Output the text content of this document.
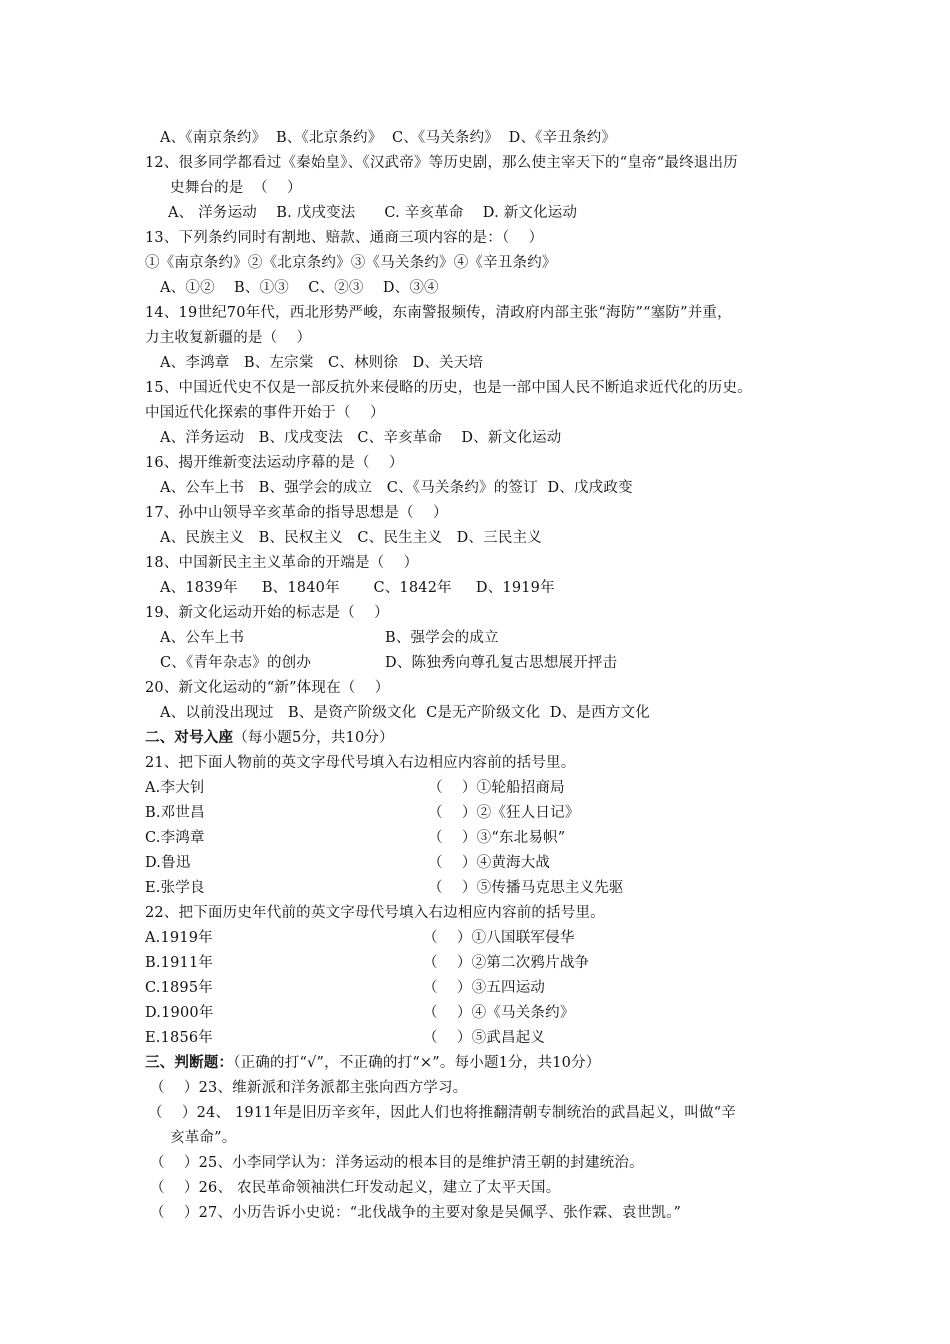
A、《南京条约》  B、《北京条约》  C、《马关条约》  D、《辛丑条约》
12、很多同学都看过《秦始皇》、《汉武帝》等历史剧，那么使主宰天下的“皇帝“最终退出历
史舞台的是  （    ）
A、 洋务运动    B. 戊戌变法      C. 辛亥革命    D. 新文化运动
13、下列条约同时有割地、赔款、通商三项内容的是：（    ）
①《南京条约》②《北京条约》③《马关条约》④《辛丑条约》
A、①②    B、①③    C、②③    D、③④
14、19世纪70年代，西北形势严峻，东南警报频传，清政府内部主张“海防”“塞防”并重，
力主收复新疆的是（    ）
A、李鸿章   B、左宗棠   C、林则徐   D、关天培
15、中国近代史不仅是一部反抗外来侵略的历史，也是一部中国人民不断追求近代化的历史。
中国近代化探索的事件开始于（    ）
A、洋务运动   B、戊戌变法   C、辛亥革命    D、新文化运动
16、揭开维新变法运动序幕的是（    ）
A、公车上书   B、强学会的成立   C、《马关条约》的签订  D、戊戌政变
17、孙中山领导辛亥革命的指导思想是（    ）
A、民族主义   B、民权主义   C、民生主义   D、三民主义
18、中国新民主主义革命的开端是（    ）
A、1839年     B、1840年       C、1842年     D、1919年
19、新文化运动开始的标志是（    ）
A、公车上书	B、强学会的成立
C、《青年杂志》的创办	D、陈独秀向尊孔复古思想展开抨击
20、新文化运动的“新”体现在（    ）
A、以前没出现过   B、是资产阶级文化  C是无产阶级文化  D、是西方文化
二、对号入座（每小题5分，共10分）
21、把下面人物前的英文字母代号填入右边相应内容前的括号里。
A.李大钊	（    ）①轮船招商局
B.邓世昌	（    ）②《狂人日记》
C.李鸿章	（    ）③“东北易帜”
D.鲁迅	（    ）④黄海大战
E.张学良	（    ）⑤传播马克思主义先驱
22、把下面历史年代前的英文字母代号填入右边相应内容前的括号里。
A.1919年	（    ）①八国联军侵华
B.1911年	（    ）②第二次鸦片战争
C.1895年	（    ）③五四运动
D.1900年	（    ）④《马关条约》
E.1856年	（    ）⑤武昌起义
三、判断题：（正确的打“√”，不正确的打“×”。每小题1分，共10分）
（    ）23、维新派和洋务派都主张向西方学习。
（    ）24、 1911年是旧历辛亥年，因此人们也将推翻清朝专制统治的武昌起义，叫做“辛
亥革命”。
（    ）25、小李同学认为：洋务运动的根本目的是维护清王朝的封建统治。
（    ）26、 农民革命领袖洪仁玕发动起义，建立了太平天国。
（    ）27、小历告诉小史说：“北伐战争的主要对象是吴佩孚、张作霖、袁世凯。”
